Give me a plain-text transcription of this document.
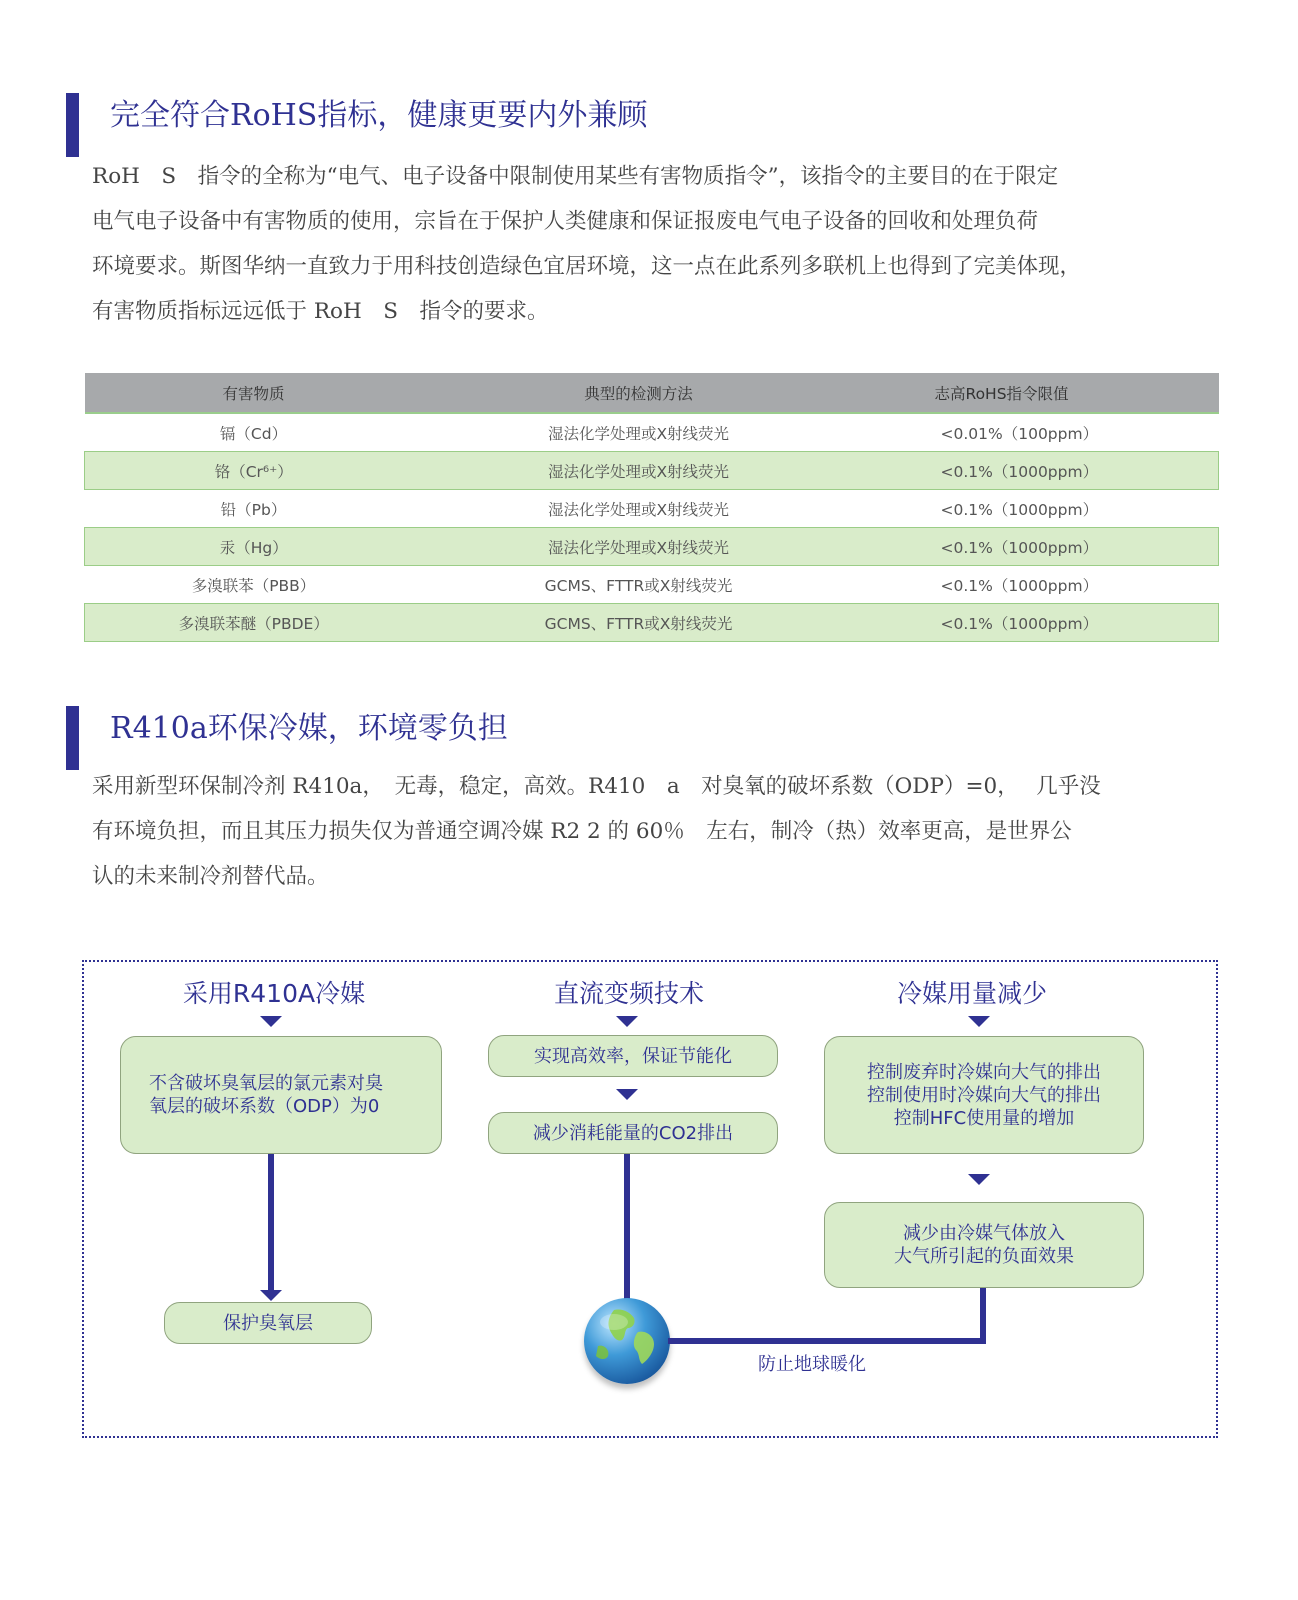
完全符合RoHS指标，健康更要内外兼顾
RoH　S　指令的全称为“电气、电子设备中限制使用某些有害物质指令”，该指令的主要目的在于限定
电气电子设备中有害物质的使用，宗旨在于保护人类健康和保证报废电气电子设备的回收和处理负荷
环境要求。斯图华纳一直致力于用科技创造绿色宜居环境，这一点在此系列多联机上也得到了完美体现，
有害物质指标远远低于 RoH　S　指令的要求。
有害物质	典型的检测方法	志高RoHS指令限值
镉（Cd）	湿法化学处理或X射线荧光	<0.01%（100ppm）
铬（Cr⁶⁺）	湿法化学处理或X射线荧光	<0.1%（1000ppm）
铅（Pb）	湿法化学处理或X射线荧光	<0.1%（1000ppm）
汞（Hg）	湿法化学处理或X射线荧光	<0.1%（1000ppm）
多溴联苯（PBB）	GCMS、FTTR或X射线荧光	<0.1%（1000ppm）
多溴联苯醚（PBDE）	GCMS、FTTR或X射线荧光	<0.1%（1000ppm）
R410a环保冷媒，环境零负担
采用新型环保制冷剂 R410a，　无毒，稳定，高效。R410　a　对臭氧的破坏系数（ODP）=0，　 几乎没
有环境负担，而且其压力损失仅为普通空调冷媒 R2 2 的 60％　左右，制冷（热）效率更高，是世界公
认的未来制冷剂替代品。
采用R410A冷媒
不含破坏臭氧层的氯元素对臭
氧层的破坏系数（ODP）为0
保护臭氧层
直流变频技术
实现高效率，保证节能化
减少消耗能量的CO2排出
防止地球暖化
冷媒用量减少
控制废弃时冷媒向大气的排出
控制使用时冷媒向大气的排出
控制HFC使用量的增加
减少由冷媒气体放入
大气所引起的负面效果
